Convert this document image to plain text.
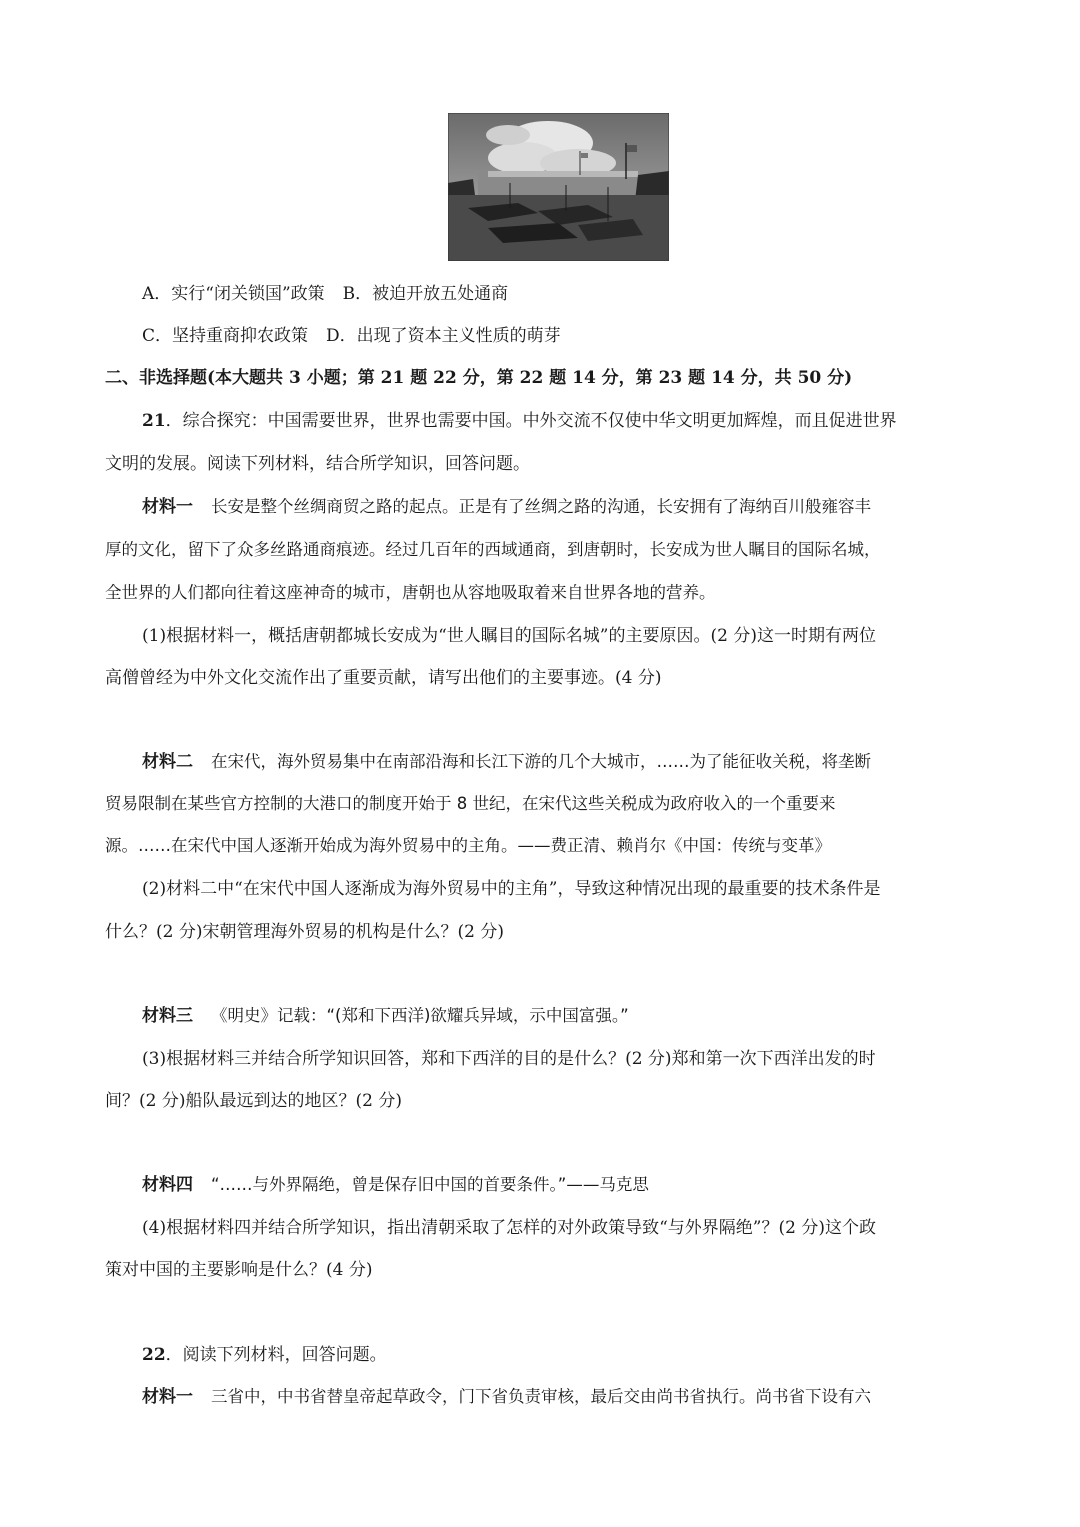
A．实行“闭关锁国”政策 B．被迫开放五处通商
C．坚持重商抑农政策 D．出现了资本主义性质的萌芽
二、非选择题(本大题共 3 小题；第 21 题 22 分，第 22 题 14 分，第 23 题 14 分，共 50 分)
21．综合探究：中国需要世界，世界也需要中国。中外交流不仅使中华文明更加辉煌，而且促进世界
文明的发展。阅读下列材料，结合所学知识，回答问题。
材料一 长安是整个丝绸商贸之路的起点。正是有了丝绸之路的沟通，长安拥有了海纳百川般雍容丰
厚的文化，留下了众多丝路通商痕迹。经过几百年的西域通商，到唐朝时，长安成为世人瞩目的国际名城，
全世界的人们都向往着这座神奇的城市，唐朝也从容地吸取着来自世界各地的营养。
(1)根据材料一，概括唐朝都城长安成为“世人瞩目的国际名城”的主要原因。(2 分)这一时期有两位
高僧曾经为中外文化交流作出了重要贡献，请写出他们的主要事迹。(4 分)
材料二 在宋代，海外贸易集中在南部沿海和长江下游的几个大城市，……为了能征收关税，将垄断
贸易限制在某些官方控制的大港口的制度开始于 8 世纪，在宋代这些关税成为政府收入的一个重要来
源。……在宋代中国人逐渐开始成为海外贸易中的主角。——费正清、赖肖尔《中国：传统与变革》
(2)材料二中“在宋代中国人逐渐成为海外贸易中的主角”，导致这种情况出现的最重要的技术条件是
什么？(2 分)宋朝管理海外贸易的机构是什么？(2 分)
材料三 《明史》记载：“(郑和下西洋)欲耀兵异域，示中国富强。”
(3)根据材料三并结合所学知识回答，郑和下西洋的目的是什么？(2 分)郑和第一次下西洋出发的时
间？(2 分)船队最远到达的地区？(2 分)
材料四 “……与外界隔绝，曾是保存旧中国的首要条件。”——马克思
(4)根据材料四并结合所学知识，指出清朝采取了怎样的对外政策导致“与外界隔绝”？(2 分)这个政
策对中国的主要影响是什么？(4 分)
22．阅读下列材料，回答问题。
材料一 三省中，中书省替皇帝起草政令，门下省负责审核，最后交由尚书省执行。尚书省下设有六
